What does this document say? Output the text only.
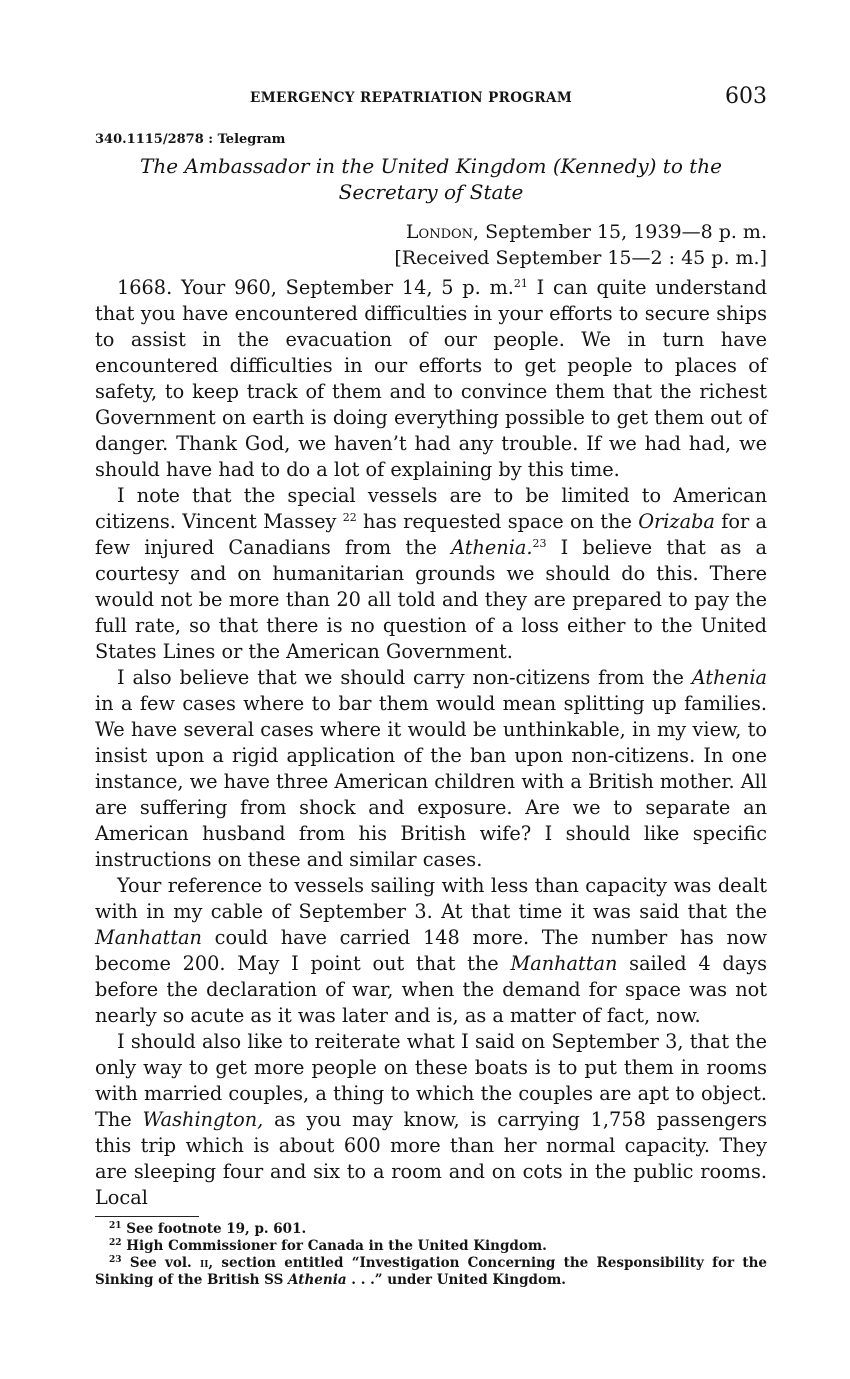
EMERGENCY REPATRIATION PROGRAM	603
340.1115/2878 : Telegram
The Ambassador in the United Kingdom (Kennedy) to the Secretary of State
London, September 15, 1939—8 p. m.
[Received September 15—2 : 45 p. m.]

1668. Your 960, September 14, 5 p. m.$^{21}$ I can quite understand that you have encountered difficulties in your efforts to secure ships to assist in the evacuation of our people. We in turn have encountered difficulties in our efforts to get people to places of safety, to keep track of them and to convince them that the richest Government on earth is doing everything possible to get them out of danger. Thank God, we haven’t had any trouble. If we had had, we should have had to do a lot of explaining by this time.

I note that the special vessels are to be limited to American citizens. Vincent Massey $^{22}$ has requested space on the Orizaba for a few injured Canadians from the Athenia.$^{23}$ I believe that as a courtesy and on humanitarian grounds we should do this. There would not be more than 20 all told and they are prepared to pay the full rate, so that there is no question of a loss either to the United States Lines or the American Government.

I also believe that we should carry non-citizens from the Athenia in a few cases where to bar them would mean splitting up families. We have several cases where it would be unthinkable, in my view, to insist upon a rigid application of the ban upon non-citizens. In one instance, we have three American children with a British mother. All are suffering from shock and exposure. Are we to separate an American husband from his British wife? I should like specific instructions on these and similar cases.

Your reference to vessels sailing with less than capacity was dealt with in my cable of September 3. At that time it was said that the Manhattan could have carried 148 more. The number has now become 200. May I point out that the Manhattan sailed 4 days before the declaration of war, when the demand for space was not nearly so acute as it was later and is, as a matter of fact, now.

I should also like to reiterate what I said on September 3, that the only way to get more people on these boats is to put them in rooms with married couples, a thing to which the couples are apt to object. The Washington, as you may know, is carrying 1,758 passengers this trip which is about 600 more than her normal capacity. They are sleeping four and six to a room and on cots in the public rooms. Local

$^{21}$ See footnote 19, p. 601.

$^{22}$ High Commissioner for Canada in the United Kingdom.

$^{23}$ See vol. ii, section entitled “Investigation Concerning the Responsibility for the Sinking of the British SS Athenia . . .” under United Kingdom.
